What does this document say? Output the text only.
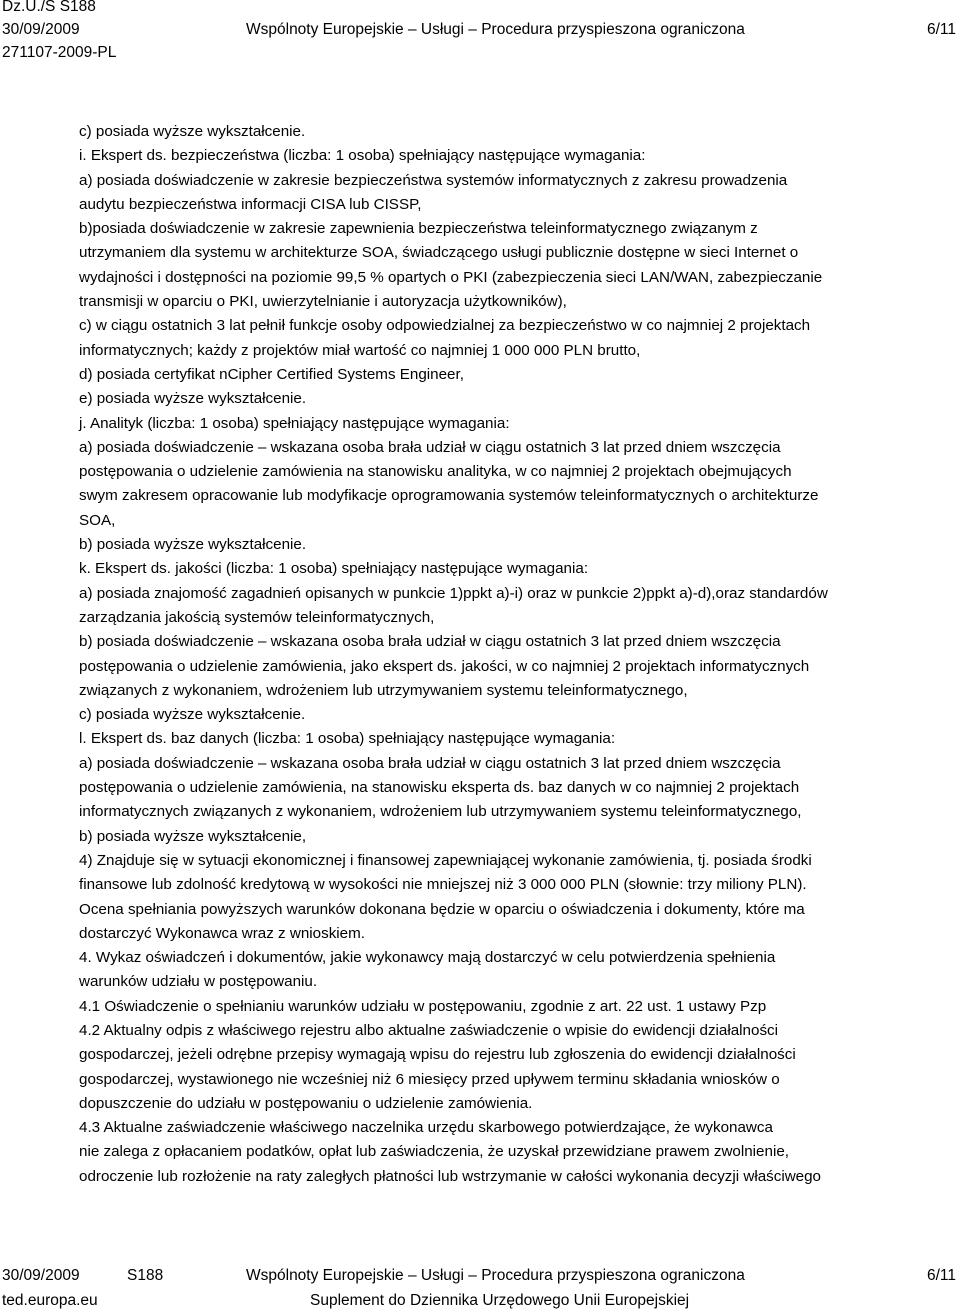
Dz.U./S S188
30/09/2009
271107-2009-PL
Wspólnoty Europejskie – Usługi – Procedura przyspieszona ograniczona	6/11

c) posiada wyższe wykształcenie.

i. Ekspert ds. bezpieczeństwa (liczba: 1 osoba) spełniający następujące wymagania:

a) posiada doświadczenie w zakresie bezpieczeństwa systemów informatycznych z zakresu prowadzenia

audytu bezpieczeństwa informacji CISA lub CISSP,

b)posiada doświadczenie w zakresie zapewnienia bezpieczeństwa teleinformatycznego związanym z

utrzymaniem dla systemu w architekturze SOA, świadczącego usługi publicznie dostępne w sieci Internet o

wydajności i dostępności na poziomie 99,5 % opartych o PKI (zabezpieczenia sieci LAN/WAN, zabezpieczanie

transmisji w oparciu o PKI, uwierzytelnianie i autoryzacja użytkowników),

c) w ciągu ostatnich 3 lat pełnił funkcje osoby odpowiedzialnej za bezpieczeństwo w co najmniej 2 projektach

informatycznych; każdy z projektów miał wartość co najmniej 1 000 000 PLN brutto,

d) posiada certyfikat nCipher Certified Systems Engineer,

e) posiada wyższe wykształcenie.

j. Analityk (liczba: 1 osoba) spełniający następujące wymagania:

a) posiada doświadczenie – wskazana osoba brała udział w ciągu ostatnich 3 lat przed dniem wszczęcia

postępowania o udzielenie zamówienia na stanowisku analityka, w co najmniej 2 projektach obejmujących

swym zakresem opracowanie lub modyfikacje oprogramowania systemów teleinformatycznych o architekturze

SOA,

b) posiada wyższe wykształcenie.

k. Ekspert ds. jakości (liczba: 1 osoba) spełniający następujące wymagania:

a) posiada znajomość zagadnień opisanych w punkcie 1)ppkt a)-i) oraz w punkcie 2)ppkt a)-d),oraz standardów

zarządzania jakością systemów teleinformatycznych,

b) posiada doświadczenie – wskazana osoba brała udział w ciągu ostatnich 3 lat przed dniem wszczęcia

postępowania o udzielenie zamówienia, jako ekspert ds. jakości, w co najmniej 2 projektach informatycznych

związanych z wykonaniem, wdrożeniem lub utrzymywaniem systemu teleinformatycznego,

c) posiada wyższe wykształcenie.

l. Ekspert ds. baz danych (liczba: 1 osoba) spełniający następujące wymagania:

a) posiada doświadczenie – wskazana osoba brała udział w ciągu ostatnich 3 lat przed dniem wszczęcia

postępowania o udzielenie zamówienia, na stanowisku eksperta ds. baz danych w co najmniej 2 projektach

informatycznych związanych z wykonaniem, wdrożeniem lub utrzymywaniem systemu teleinformatycznego,

b) posiada wyższe wykształcenie,

4) Znajduje się w sytuacji ekonomicznej i finansowej zapewniającej wykonanie zamówienia, tj. posiada środki

finansowe lub zdolność kredytową w wysokości nie mniejszej niż 3 000 000 PLN (słownie: trzy miliony PLN).

Ocena spełniania powyższych warunków dokonana będzie w oparciu o oświadczenia i dokumenty, które ma

dostarczyć Wykonawca wraz z wnioskiem.

4. Wykaz oświadczeń i dokumentów, jakie wykonawcy mają dostarczyć w celu potwierdzenia spełnienia

warunków udziału w postępowaniu.

4.1 Oświadczenie o spełnianiu warunków udziału w postępowaniu, zgodnie z art. 22 ust. 1 ustawy Pzp

4.2 Aktualny odpis z właściwego rejestru albo aktualne zaświadczenie o wpisie do ewidencji działalności

gospodarczej, jeżeli odrębne przepisy wymagają wpisu do rejestru lub zgłoszenia do ewidencji działalności

gospodarczej, wystawionego nie wcześniej niż 6 miesięcy przed upływem terminu składania wniosków o

dopuszczenie do udziału w postępowaniu o udzielenie zamówienia.

4.3 Aktualne zaświadczenie właściwego naczelnika urzędu skarbowego potwierdzające, że wykonawca

nie zalega z opłacaniem podatków, opłat lub zaświadczenia, że uzyskał przewidziane prawem zwolnienie,

odroczenie lub rozłożenie na raty zaległych płatności lub wstrzymanie w całości wykonania decyzji właściwego

30/09/2009	S188	Wspólnoty Europejskie – Usługi – Procedura przyspieszona ograniczona	6/11
ted.europa.eu	Suplement do Dziennika Urzędowego Unii Europejskiej
